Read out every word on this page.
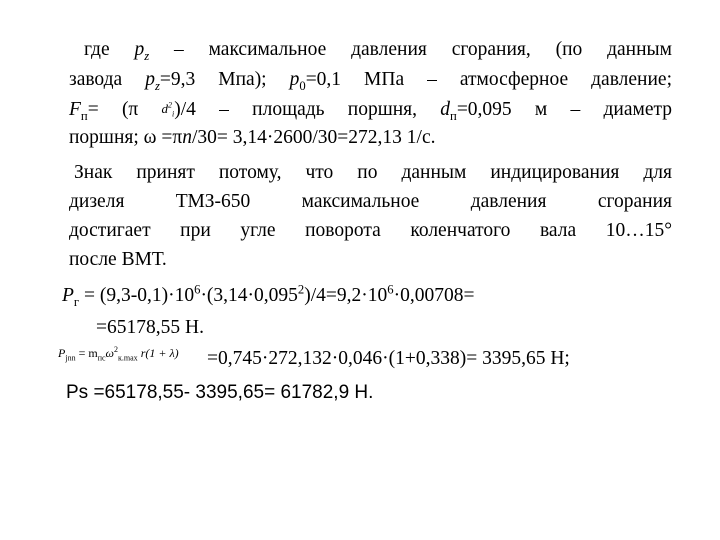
где $p_z$ – максимальное давления сгорания, (по данным
завода $p_z=9,3$ Мпа); $p_0=0,1$ МПа – атмосферное давление;
$F_п= (\pi$ $d^2_i)/4$ – площадь поршня, $d_п=0,095$ м – диаметр
поршня; ω =πn/30= 3,14·2600/30=272,13 1/с.
Знак принят потому, что по данным индицирования для
дизеля ТМЗ-650 максимальное давления сгорания
достигает при угле поворота коленчатого вала 10…15°
после ВМТ.
$P_г = (9,3-0,1)\cdot 10^6\cdot(3,14\cdot 0,095^2)/4=9,2\cdot 10^6\cdot 0,00708=$
=65178,55 Н.
$P_{jnn} = m_{пс}\omega^2_{к.max}$ r(1 + λ)	=0,745·272,132·0,046·(1+0,338)= 3395,65 Н;
Ps =65178,55- 3395,65= 61782,9 Н.
